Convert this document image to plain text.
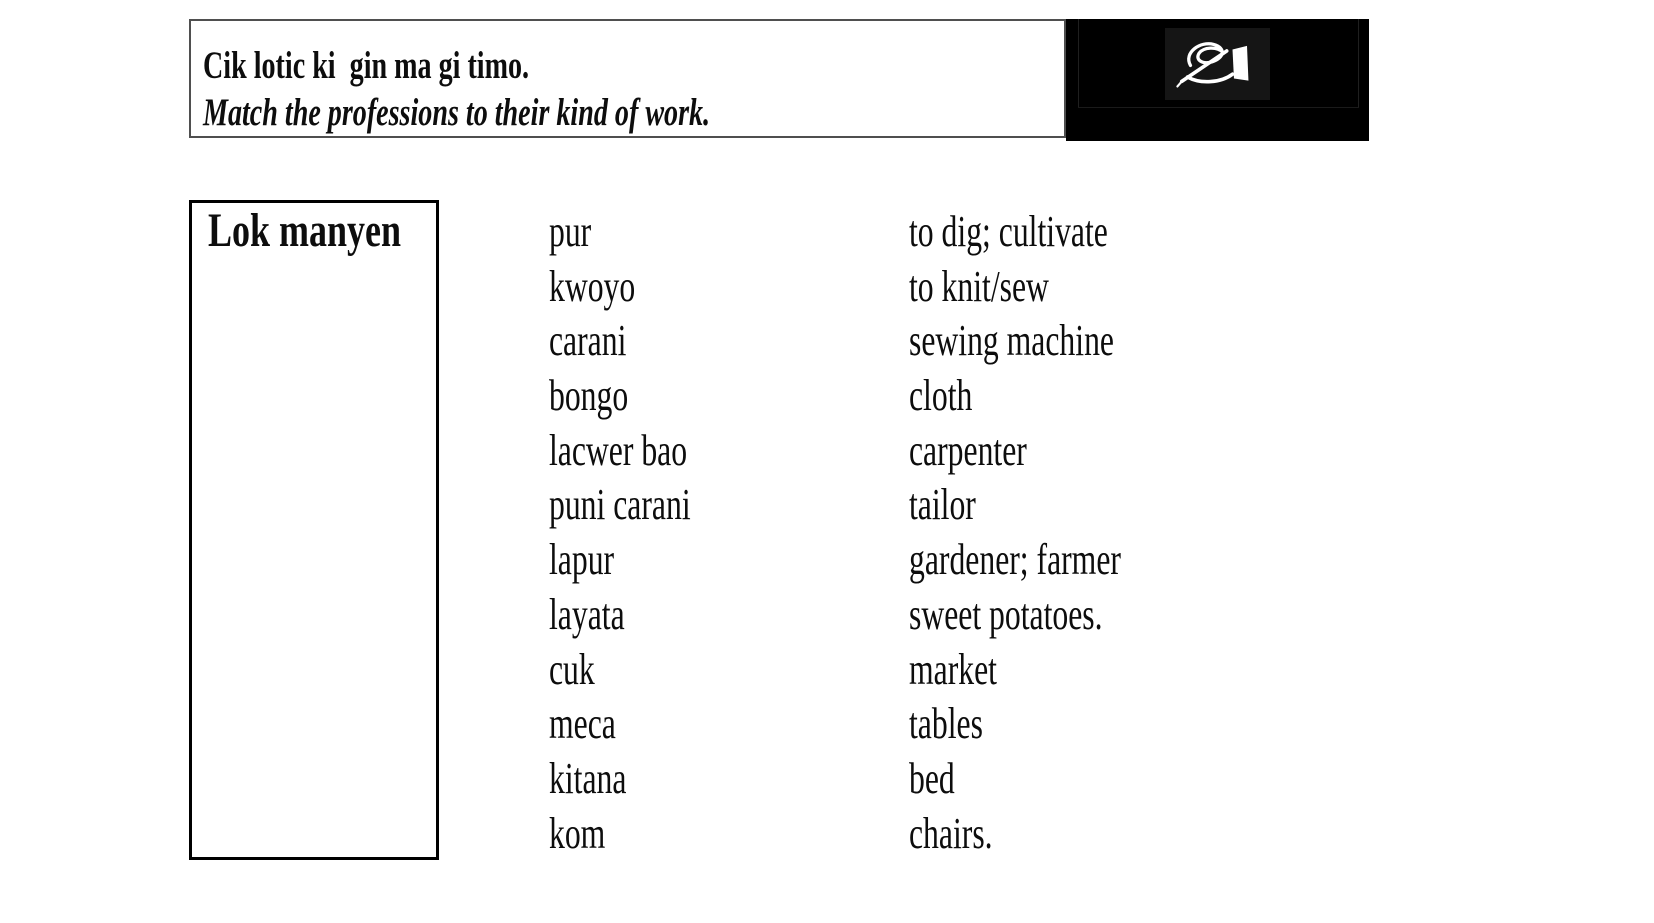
Cik lotic ki  gin ma gi timo.
Match the professions to their kind of work.
Lok manyen	pur	to dig; cultivate
kwoyo	to knit/sew
carani	sewing machine
bongo	cloth
lacwer bao	carpenter
puni carani	tailor
lapur	gardener; farmer
layata	sweet potatoes.
cuk	market
meca	tables
kitana	bed
kom	chairs.
